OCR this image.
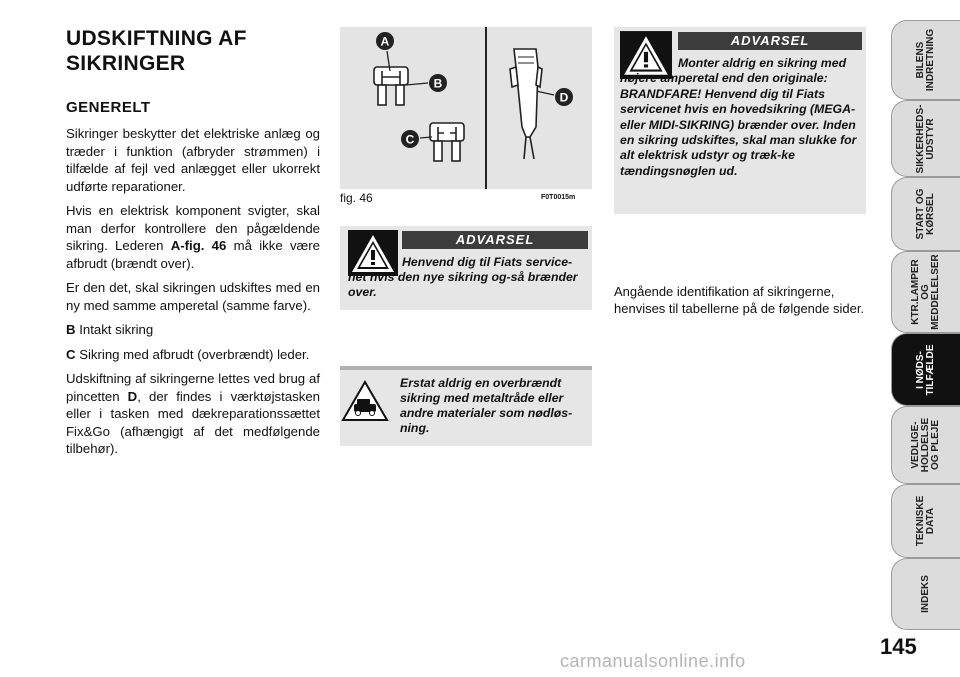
UDSKIFTNING AF
SIKRINGER
GENERELT

Sikringer beskytter det elektriske anlæg og træder i funktion (afbryder strømmen) i tilfælde af fejl ved anlægget eller ukorrekt udførte reparationer.

Hvis en elektrisk komponent svigter, skal man derfor kontrollere den pågældende sikring. Lederen A-fig. 46 må ikke være afbrudt (brændt over).

Er den det, skal sikringen udskiftes med en ny med samme amperetal (samme farve).

B Intakt sikring

C Sikring med afbrudt (overbrændt) leder.

Udskiftning af sikringerne lettes ved brug af pincetten D, der findes i værktøjstasken eller i tasken med dækreparationssættet Fix&Go (afhængigt af det medfølgende tilbehør).

A
B
C
D
fig. 46	F0T0015m
ADVARSEL
Henvend dig til Fiats service-net hvis den nye sikring og-så brænder over.
Erstat aldrig en overbrændt sikring med metaltråde eller andre materialer som nødløs-ning.
ADVARSEL
Monter aldrig en sikring med højere amperetal end den originale: BRANDFARE! Henvend dig til Fiats servicenet hvis en hovedsikring (MEGA- eller MIDI-SIKRING) brænder over. Inden en sikring udskiftes, skal man slukke for alt elektrisk udstyr og træk-ke tændingsnøglen ud.
Angående identifikation af sikringerne, henvises til tabellerne på de følgende sider.
BILENS
INDRETNING
SIKKERHEDS-
UDSTYR
START OG
KØRSEL
KTR.LAMPER
OG
MEDDELELSER
I NØDS-
TILFÆLDE
VEDLIGE-
HOLDELSE
OG PLEJE
TEKNISKE
DATA
INDEKS
145
carmanualsonline.info
